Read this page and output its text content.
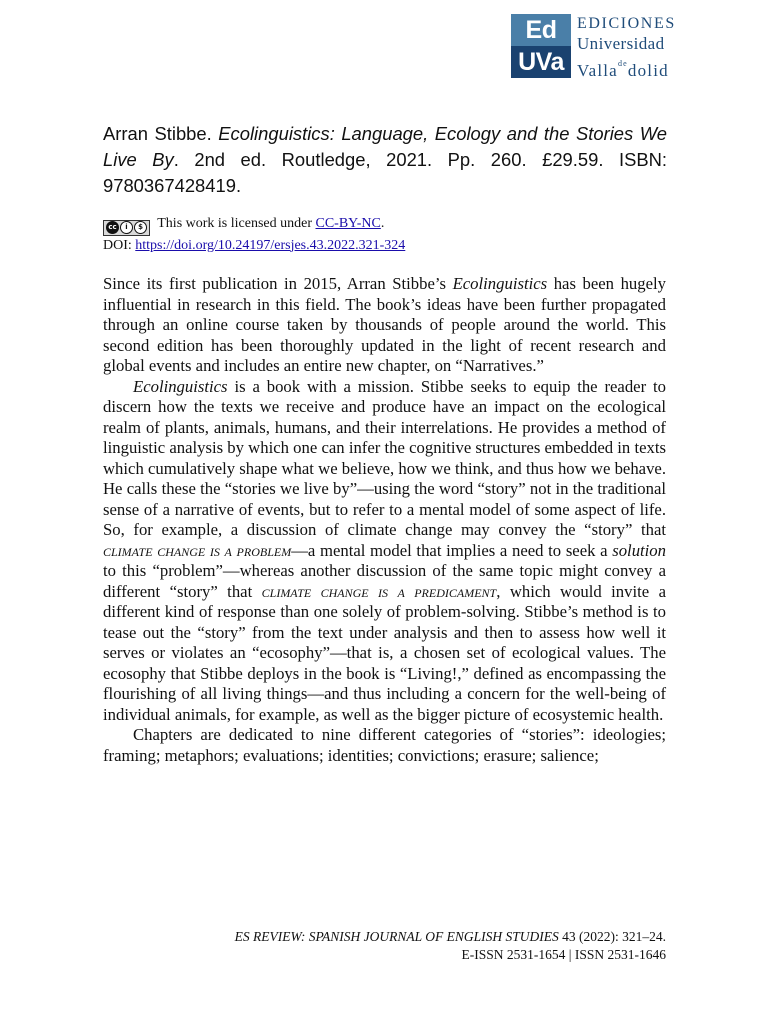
Ed
UVa
EDICIONES
Universidad
Valla$^{de}$dolid
Arran Stibbe. Ecolinguistics: Language, Ecology and the Stories We Live By. 2nd ed. Routledge, 2021. Pp. 260. £29.59. ISBN: 9780367428419.
cc	i	$ This work is licensed under CC-BY-NC.
DOI: https://doi.org/10.24197/ersjes.43.2022.321-324

Since its first publication in 2015, Arran Stibbe’s Ecolinguistics has been hugely influential in research in this field. The book’s ideas have been further propagated through an online course taken by thousands of people around the world. This second edition has been thoroughly updated in the light of recent research and global events and includes an entire new chapter, on “Narratives.”

Ecolinguistics is a book with a mission. Stibbe seeks to equip the reader to discern how the texts we receive and produce have an impact on the ecological realm of plants, animals, humans, and their interrelations. He provides a method of linguistic analysis by which one can infer the cognitive structures embedded in texts which cumulatively shape what we believe, how we think, and thus how we behave. He calls these the “stories we live by”—using the word “story” not in the traditional sense of a narrative of events, but to refer to a mental model of some aspect of life. So, for example, a discussion of climate change may convey the “story” that climate change is a problem—a mental model that implies a need to seek a solution to this “problem”—whereas another discussion of the same topic might convey a different “story” that climate change is a predicament, which would invite a different kind of response than one solely of problem-solving. Stibbe’s method is to tease out the “story” from the text under analysis and then to assess how well it serves or violates an “ecosophy”—that is, a chosen set of ecological values. The ecosophy that Stibbe deploys in the book is “Living!,” defined as encompassing the flourishing of all living things—and thus including a concern for the well-being of individual animals, for example, as well as the bigger picture of ecosystemic health.

Chapters are dedicated to nine different categories of “stories”: ideologies; framing; metaphors; evaluations; identities; convictions; erasure; salience;

ES REVIEW: SPANISH JOURNAL OF ENGLISH STUDIES 43 (2022): 321–24.
E-ISSN 2531-1654 | ISSN 2531-1646
